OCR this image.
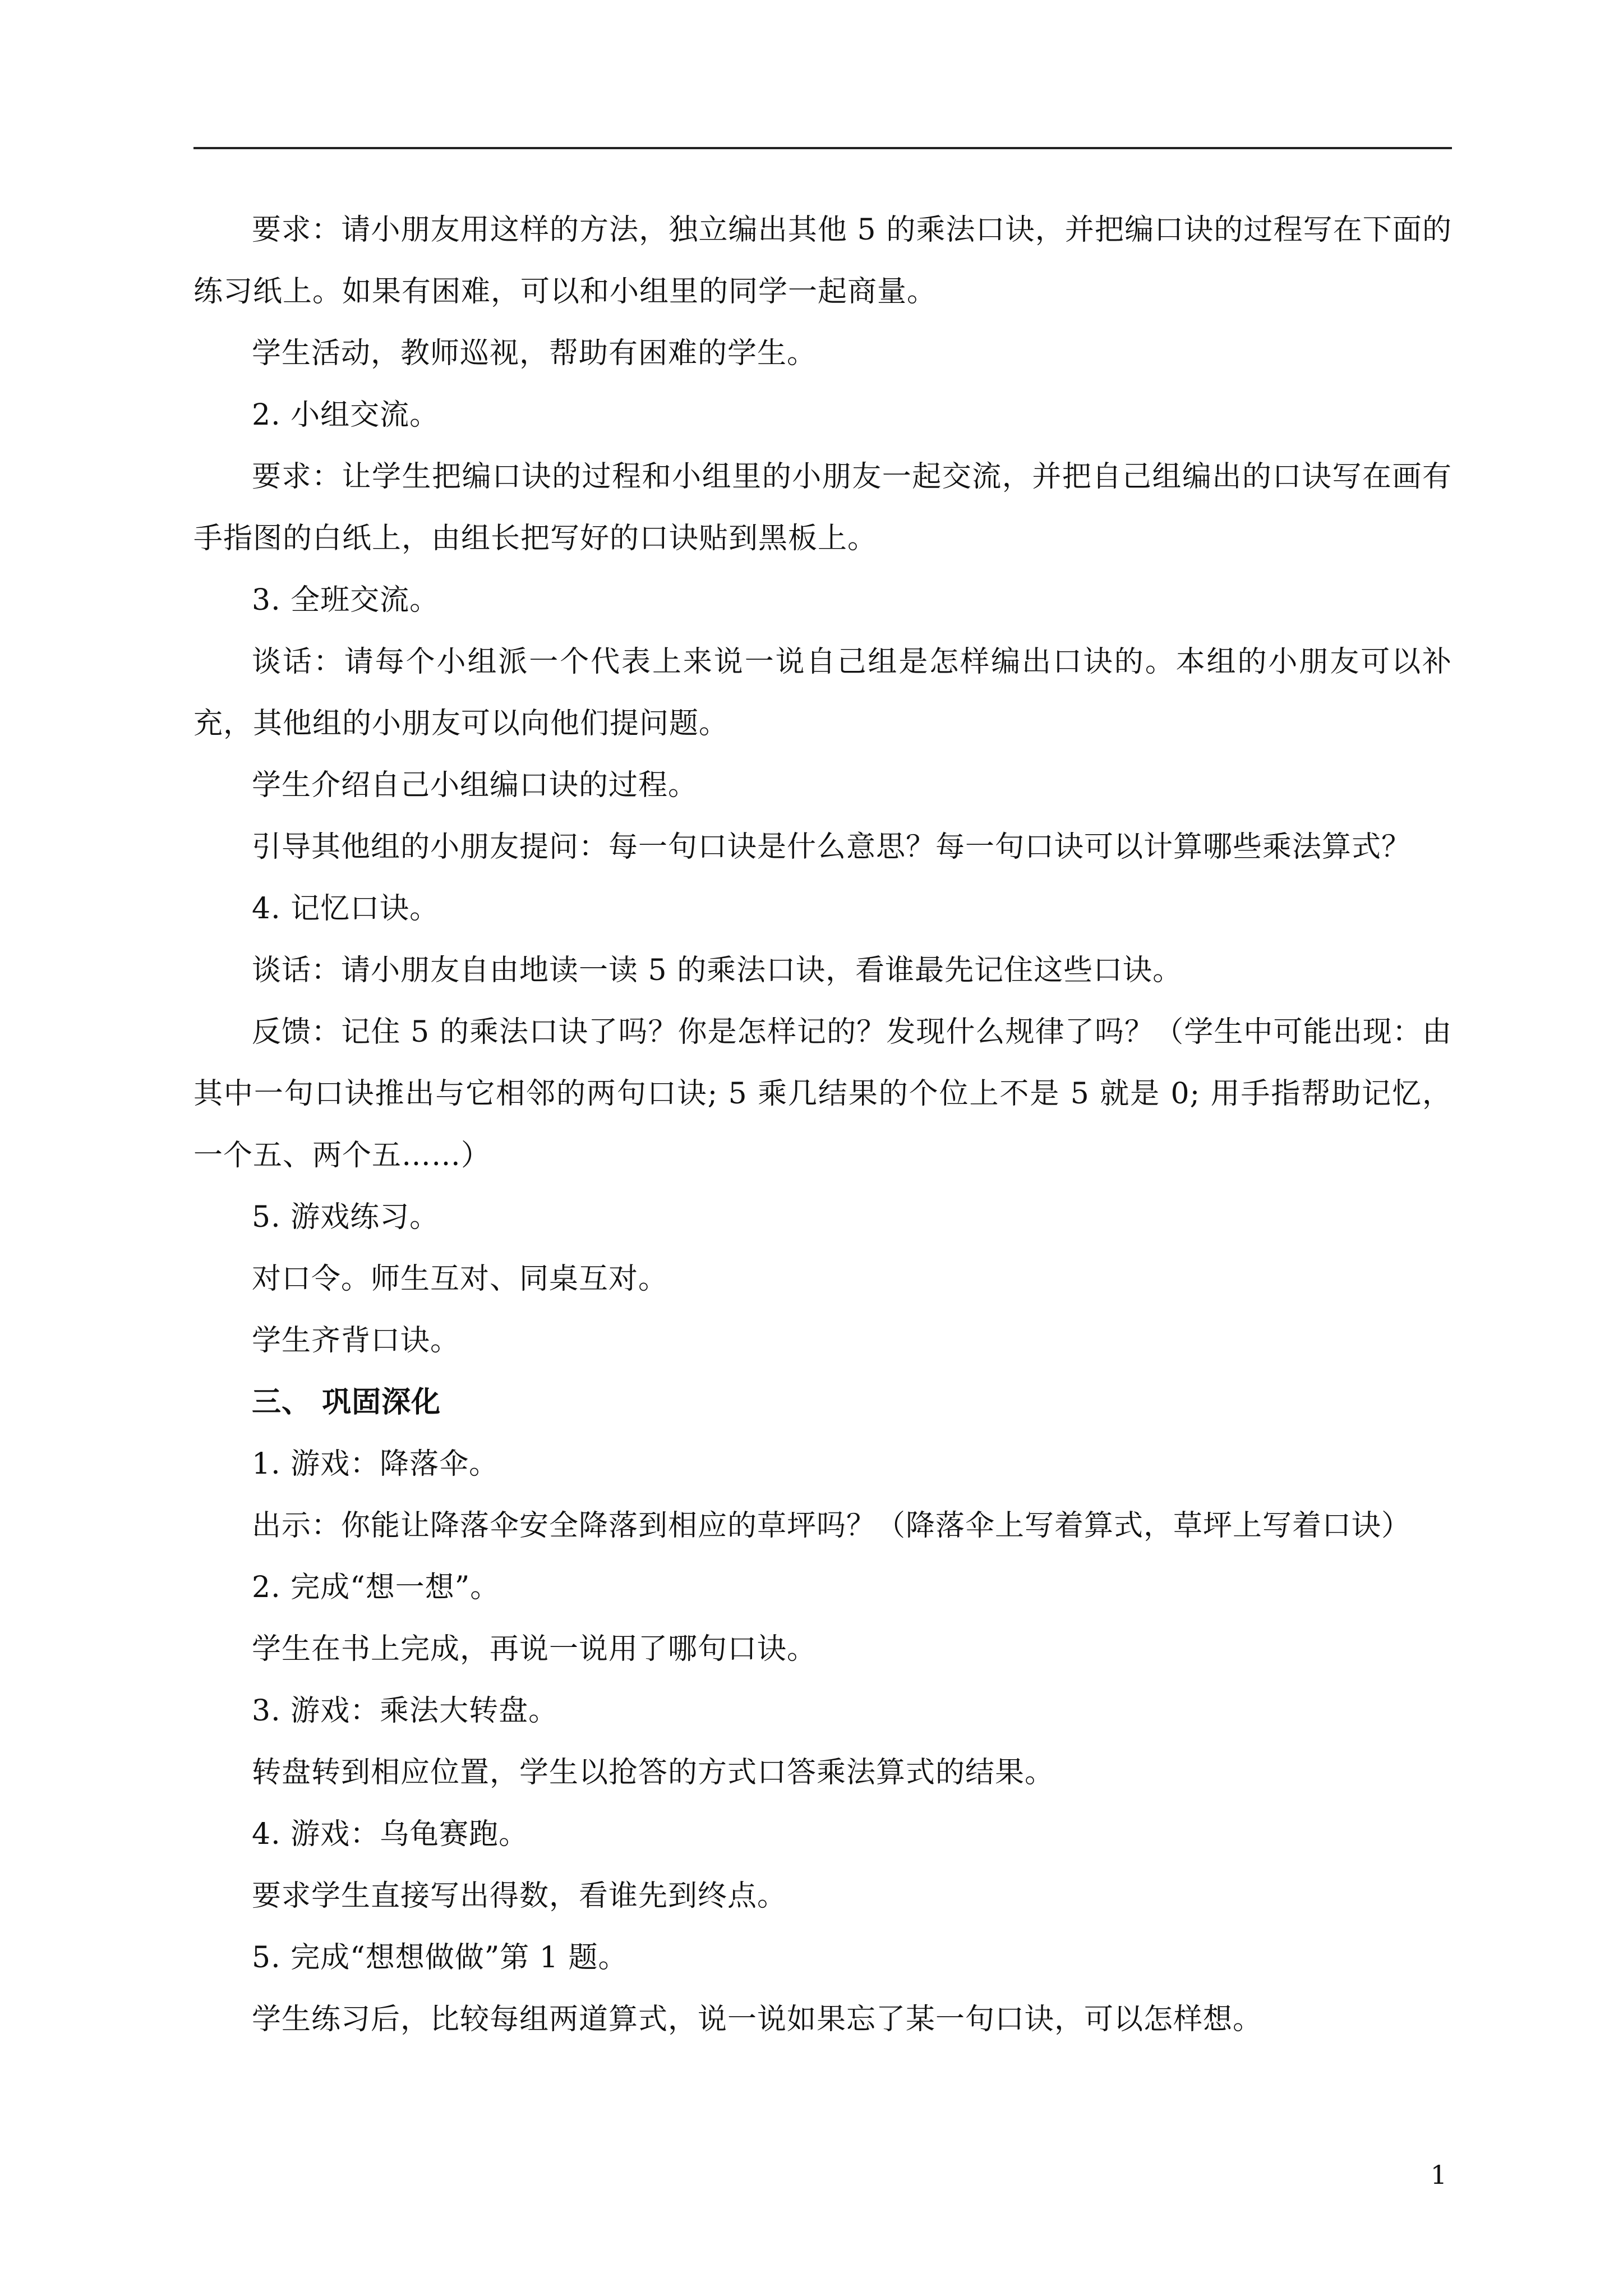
要求：请小朋友用这样的方法，独立编出其他 5 的乘法口诀，并把编口诀的过程写在下面的练习纸上。如果有困难，可以和小组里的同学一起商量。

学生活动，教师巡视，帮助有困难的学生。

2. 小组交流。

要求：让学生把编口诀的过程和小组里的小朋友一起交流，并把自己组编出的口诀写在画有手指图的白纸上，由组长把写好的口诀贴到黑板上。

3. 全班交流。

谈话：请每个小组派一个代表上来说一说自己组是怎样编出口诀的。本组的小朋友可以补充，其他组的小朋友可以向他们提问题。

学生介绍自己小组编口诀的过程。

引导其他组的小朋友提问：每一句口诀是什么意思？每一句口诀可以计算哪些乘法算式？

4. 记忆口诀。

谈话：请小朋友自由地读一读 5 的乘法口诀，看谁最先记住这些口诀。

反馈：记住 5 的乘法口诀了吗？你是怎样记的？发现什么规律了吗？（学生中可能出现：由其中一句口诀推出与它相邻的两句口诀; 5 乘几结果的个位上不是 5 就是 0; 用手指帮助记忆，一个五、两个五……）

5. 游戏练习。

对口令。师生互对、同桌互对。

学生齐背口诀。

三、 巩固深化

1. 游戏：降落伞。

出示：你能让降落伞安全降落到相应的草坪吗？（降落伞上写着算式，草坪上写着口诀）

2. 完成“想一想”。

学生在书上完成，再说一说用了哪句口诀。

3. 游戏：乘法大转盘。

转盘转到相应位置，学生以抢答的方式口答乘法算式的结果。

4. 游戏：乌龟赛跑。

要求学生直接写出得数，看谁先到终点。

5. 完成“想想做做”第 1 题。

学生练习后，比较每组两道算式，说一说如果忘了某一句口诀，可以怎样想。

1
